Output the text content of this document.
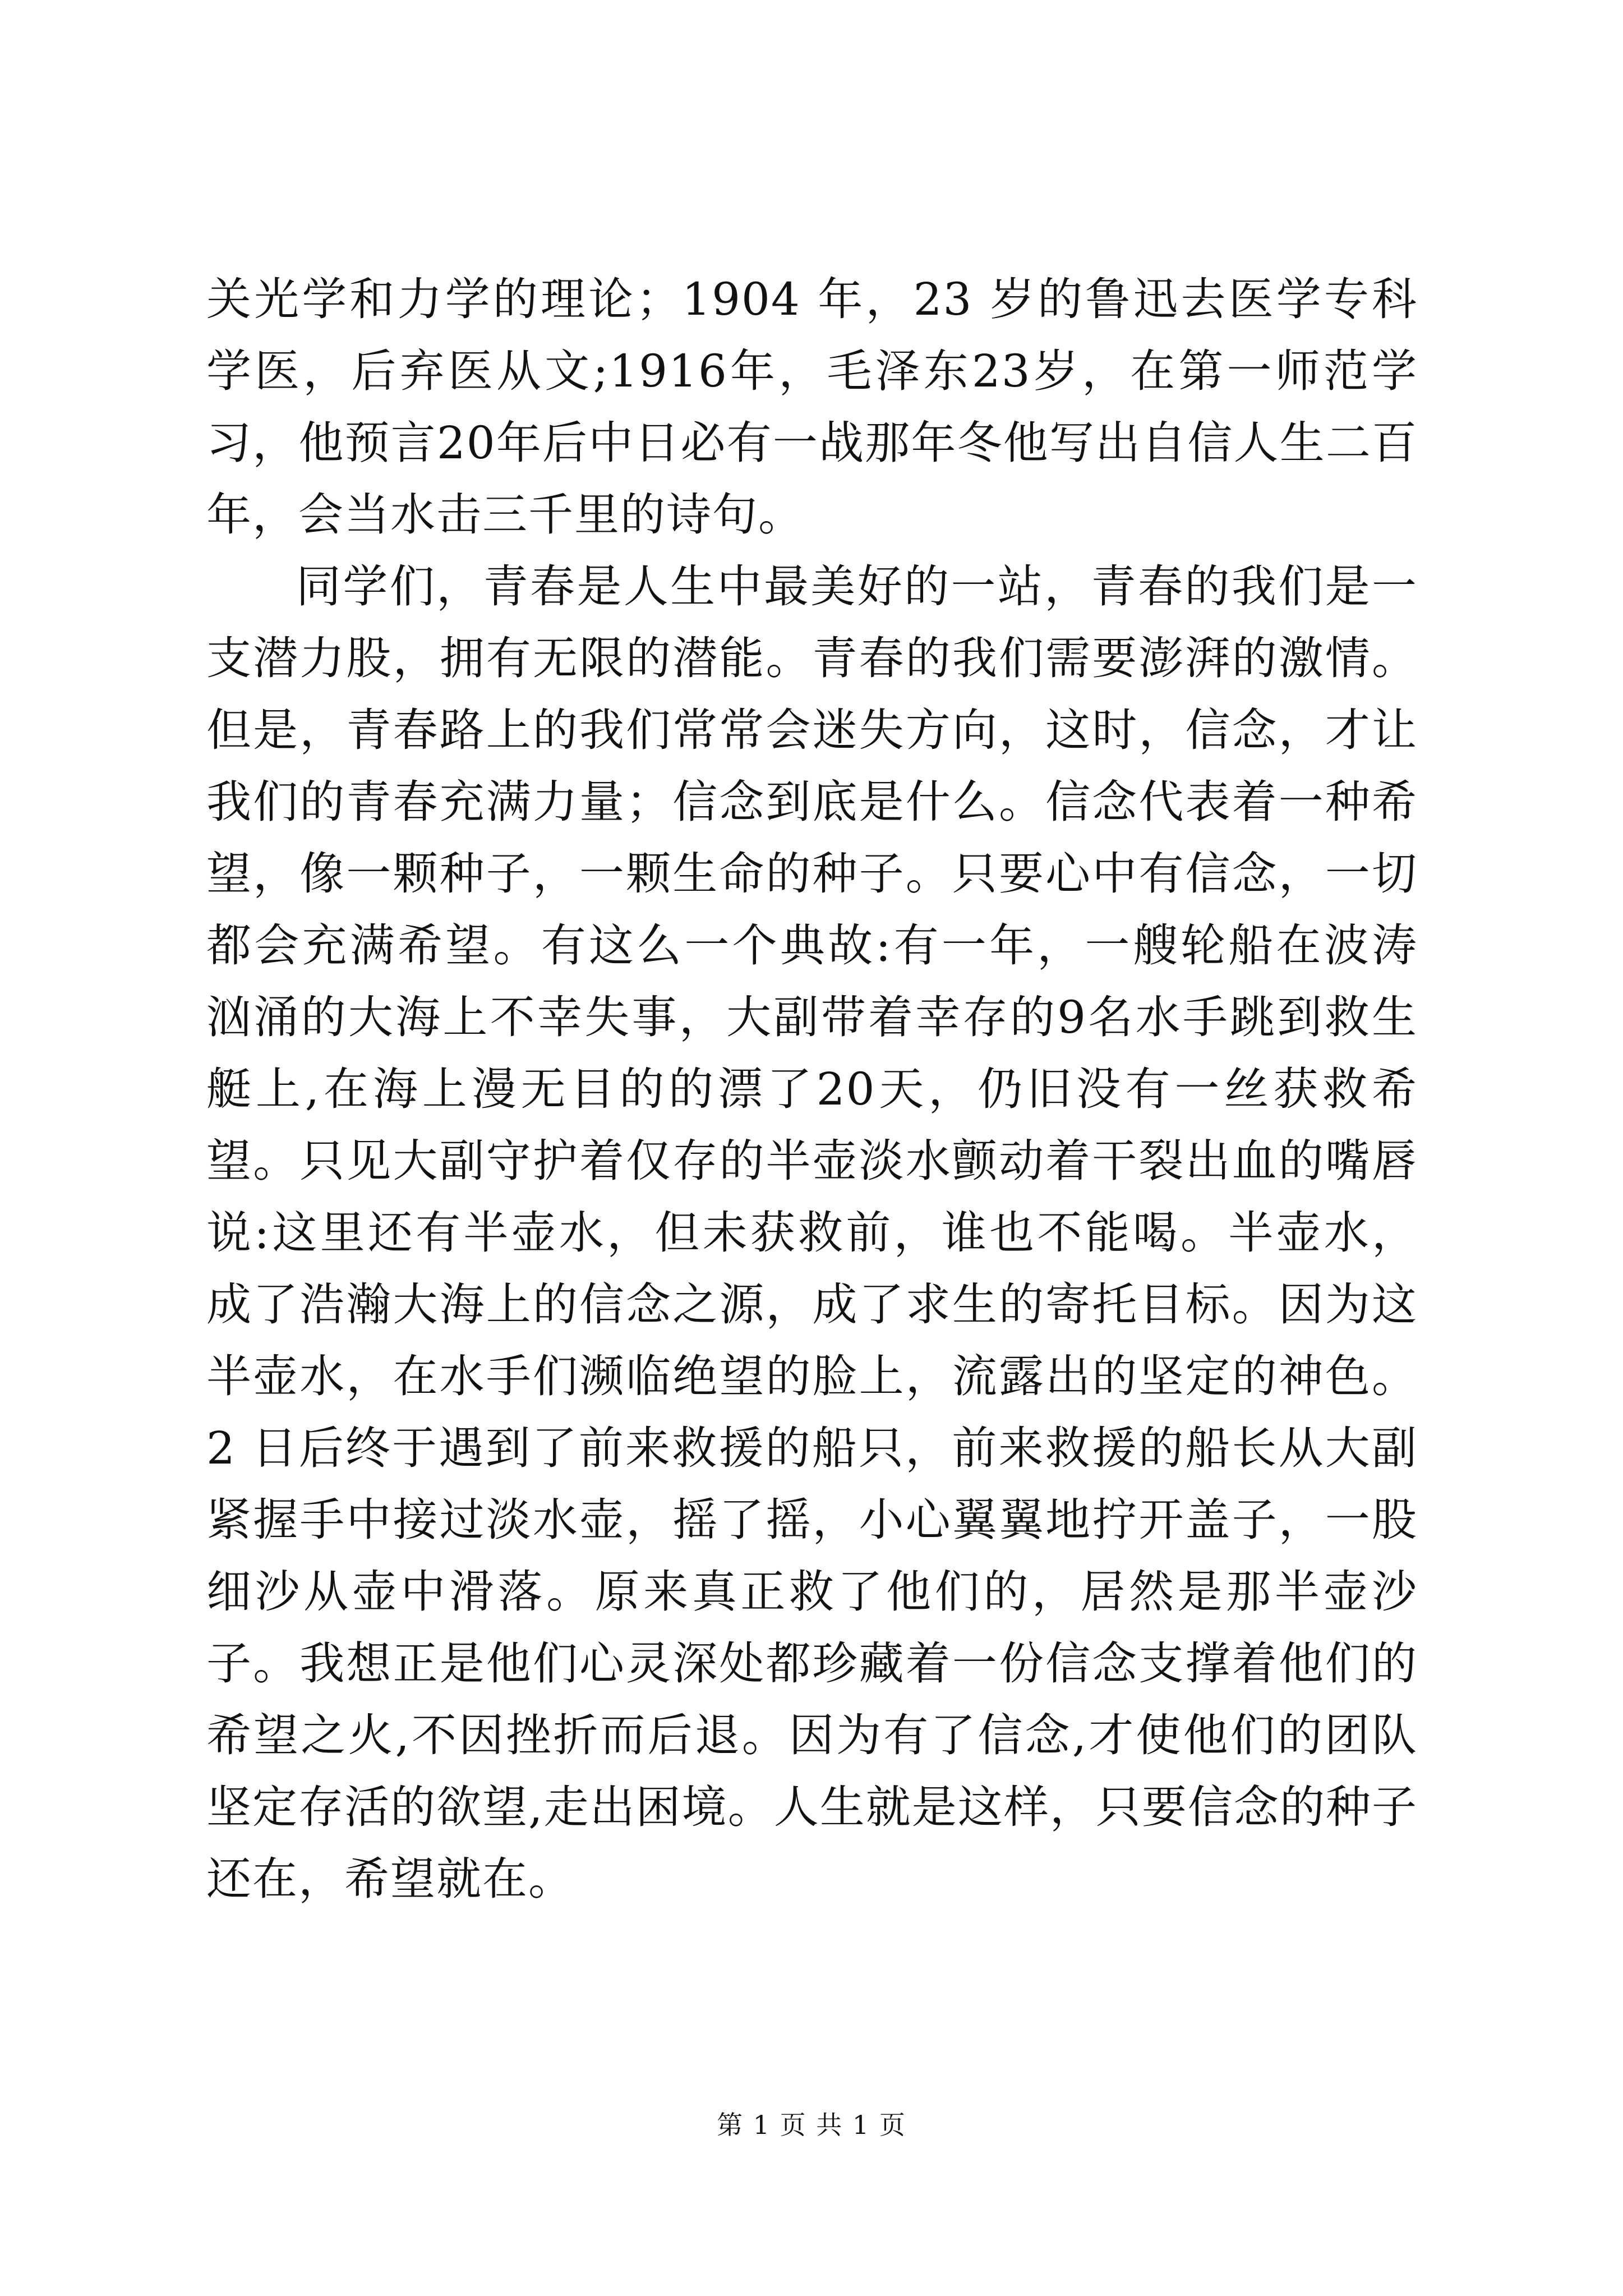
关光学和力学的理论；1904 年，23 岁的鲁迅去医学专科学医，后弃医从文;1916年，毛泽东23岁，在第一师范学习，他预言20年后中日必有一战那年冬他写出自信人生二百年，会当水击三千里的诗句。

同学们，青春是人生中最美好的一站，青春的我们是一支潜力股，拥有无限的潜能。青春的我们需要澎湃的激情。但是，青春路上的我们常常会迷失方向，这时，信念，才让我们的青春充满力量；信念到底是什么。信念代表着一种希望，像一颗种子，一颗生命的种子。只要心中有信念，一切都会充满希望。有这么一个典故:有一年，一艘轮船在波涛汹涌的大海上不幸失事，大副带着幸存的9名水手跳到救生艇上,在海上漫无目的的漂了20天，仍旧没有一丝获救希望。只见大副守护着仅存的半壶淡水颤动着干裂出血的嘴唇说:这里还有半壶水，但未获救前，谁也不能喝。半壶水，成了浩瀚大海上的信念之源，成了求生的寄托目标。因为这半壶水，在水手们濒临绝望的脸上，流露出的坚定的神色。2 日后终于遇到了前来救援的船只，前来救援的船长从大副紧握手中接过淡水壶，摇了摇，小心翼翼地拧开盖子，一股细沙从壶中滑落。原来真正救了他们的，居然是那半壶沙子。我想正是他们心灵深处都珍藏着一份信念支撑着他们的希望之火,不因挫折而后退。因为有了信念,才使他们的团队坚定存活的欲望,走出困境。人生就是这样，只要信念的种子还在，希望就在。

第 1 页 共 1 页
